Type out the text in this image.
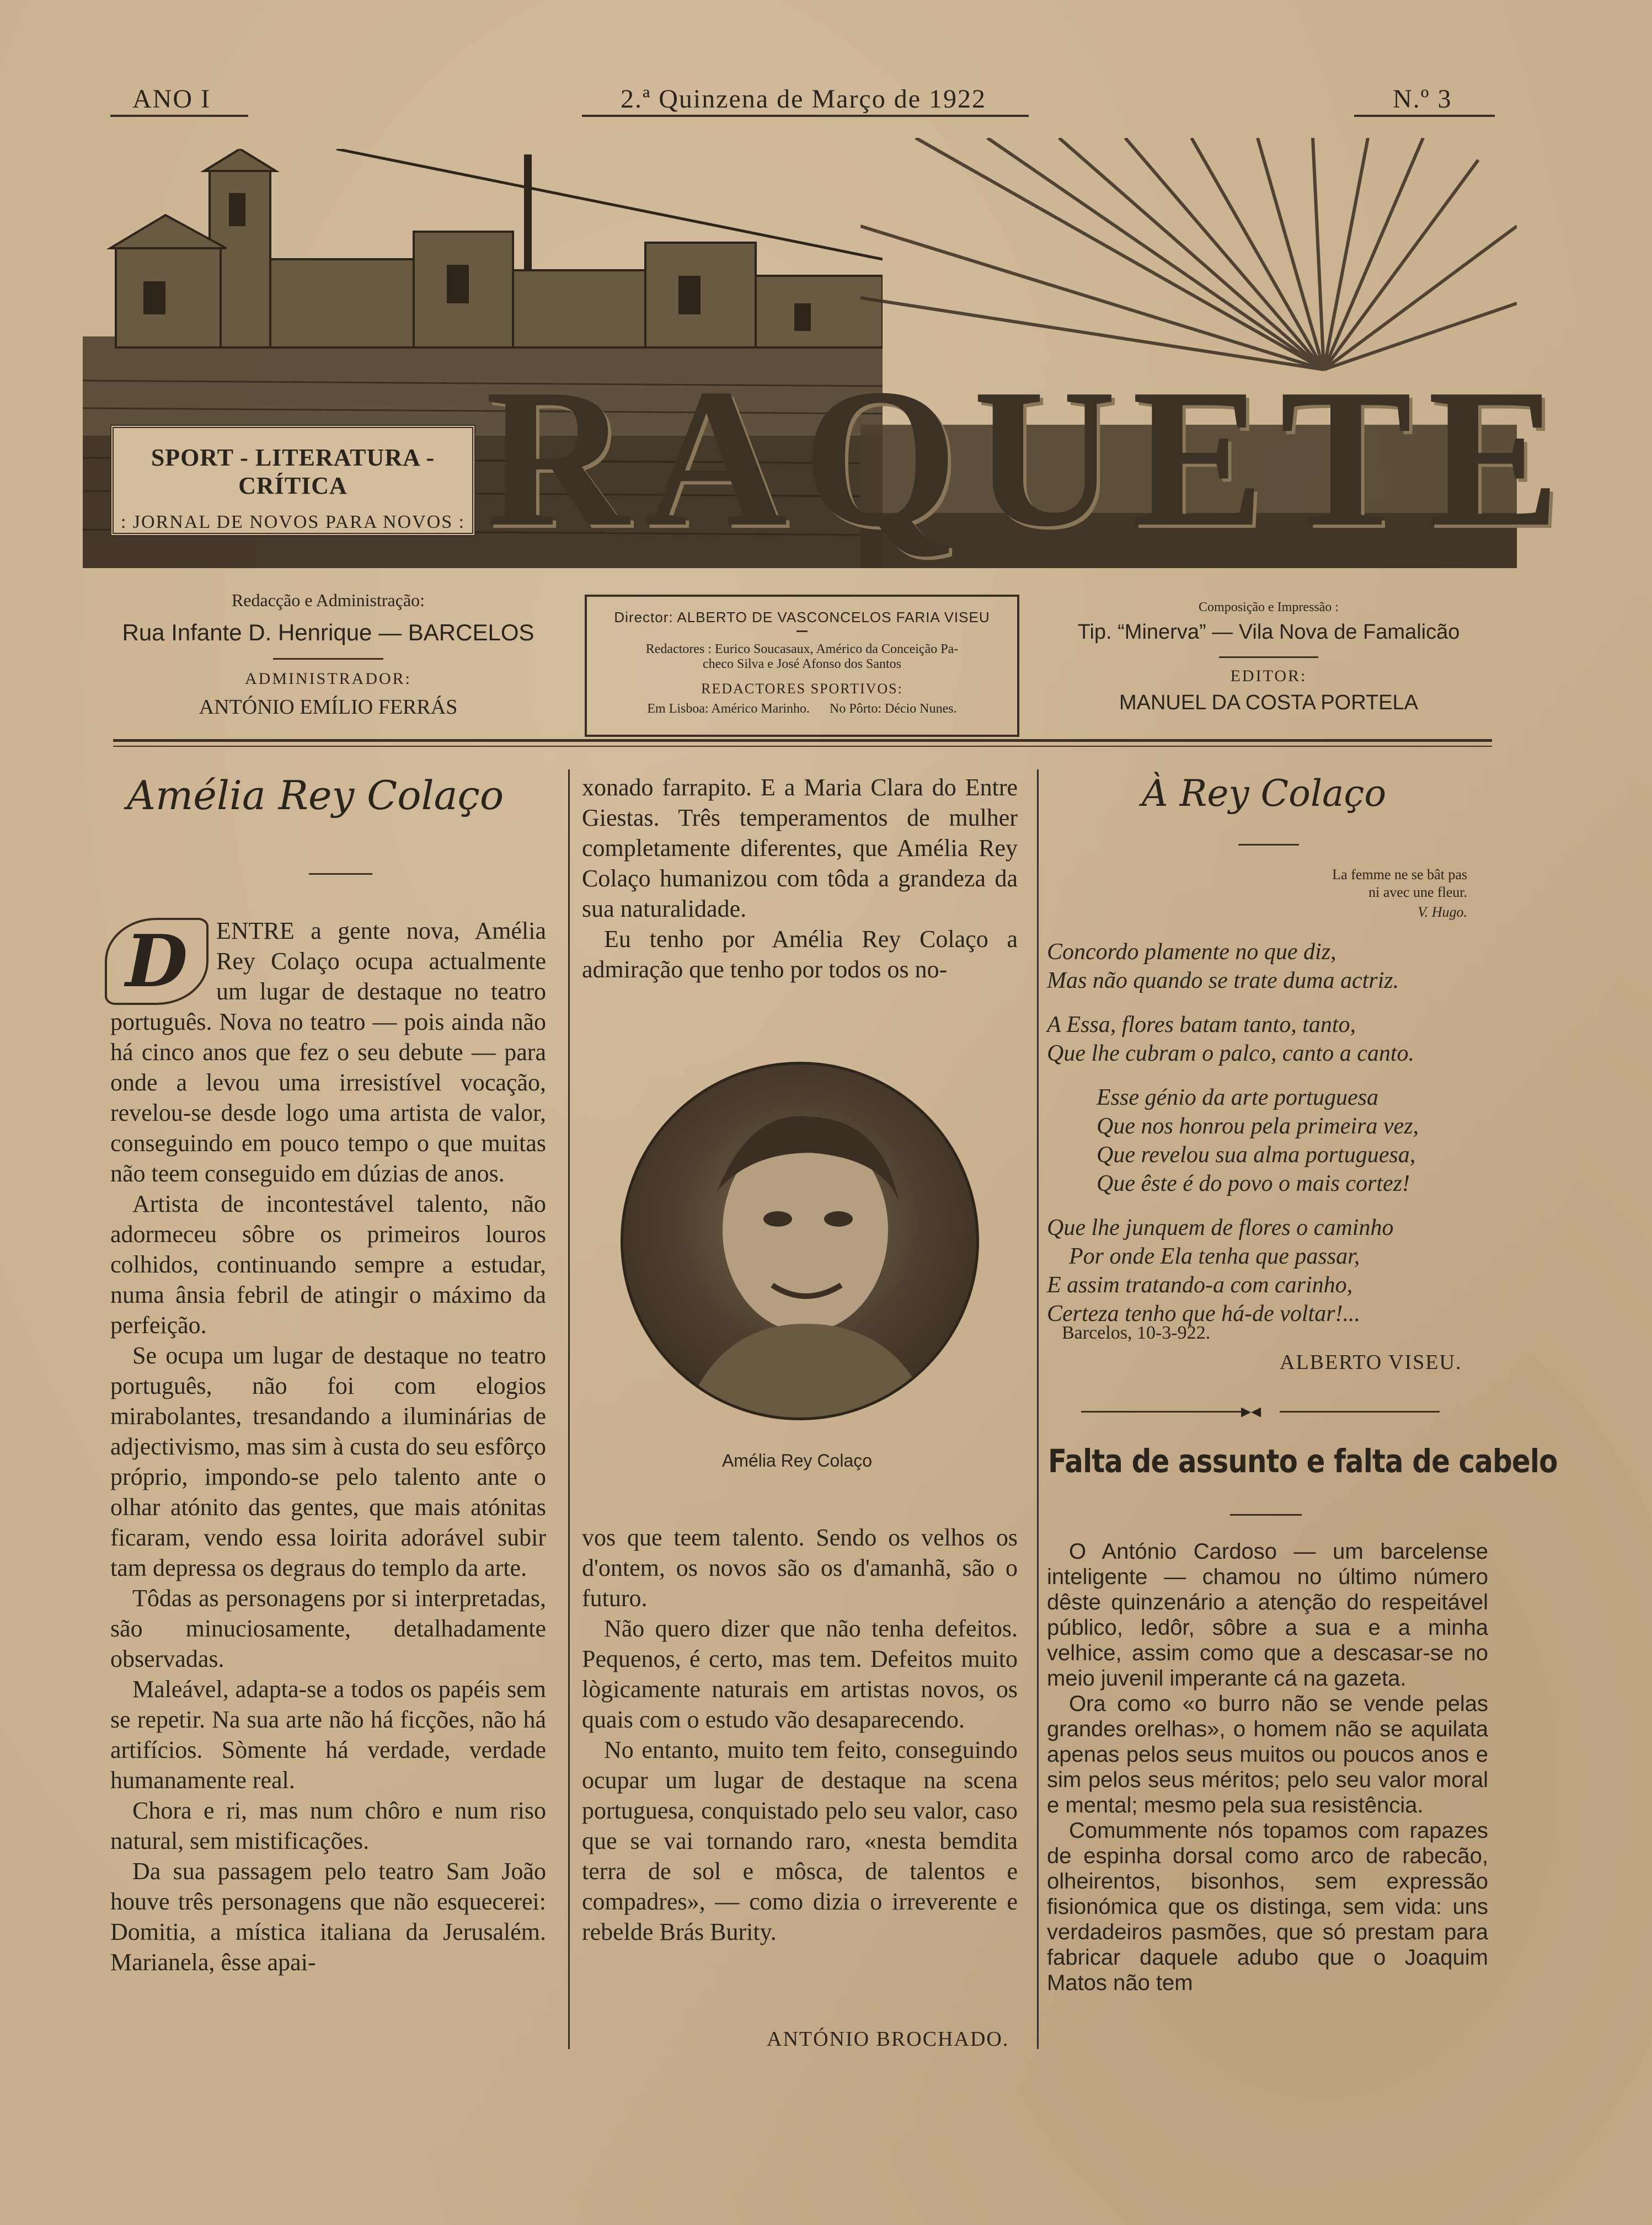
ANO I	2.ª Quinzena de Março de 1922	N.º 3
RAQUETE
SPORT - LITERATURA - CRÍTICA
: JORNAL DE NOVOS PARA NOVOS :
Redacção e Administração:
Rua Infante D. Henrique — BARCELOS
ADMINISTRADOR:
ANTÓNIO EMÍLIO FERRÁS
Director: ALBERTO DE VASCONCELOS FARIA VISEU
Redactores : Eurico Soucasaux, Américo da Conceição Pa-
checo Silva e José Afonso dos Santos
REDACTORES SPORTIVOS:
Em Lisboa: Américo Marinho.      No Pôrto: Décio Nunes.
Composição e Impressão :
Tip. “Minerva” — Vila Nova de Famalicão
EDITOR:
MANUEL DA COSTA PORTELA
Amélia Rey Colaço
D	ENTRE a gente nova, Amélia Rey Colaço ocupa actualmente um lugar de destaque no teatro português. Nova no teatro — pois ainda não há cinco anos que fez o seu debute — para onde a levou uma irresistível vocação, revelou-se desde logo uma artista de valor, conseguindo em pouco tempo o que muitas não teem conseguido em dúzias de anos.

Artista de incontestável talento, não adormeceu sôbre os primeiros louros colhidos, continuando sempre a estudar, numa ânsia febril de atingir o máximo da perfeição.

Se ocupa um lugar de destaque no teatro português, não foi com elogios mirabolantes, tresandando a iluminárias de adjectivismo, mas sim à custa do seu esfôrço próprio, impondo-se pelo talento ante o olhar atónito das gentes, que mais atónitas ficaram, vendo essa loirita adorável subir tam depressa os degraus do templo da arte.

Tôdas as personagens por si interpretadas, são minuciosamente, detalhadamente observadas.

Maleável, adapta-se a todos os papéis sem se repetir. Na sua arte não há ficções, não há artifícios. Sòmente há verdade, verdade humanamente real.

Chora e ri, mas num chôro e num riso natural, sem mistificações.

Da sua passagem pelo teatro Sam João houve três personagens que não esquecerei: Domitia, a mística italiana da Jerusalém. Marianela, êsse apai-

xonado farrapito. E a Maria Clara do Entre Giestas. Três temperamentos de mulher completamente diferentes, que Amélia Rey Colaço humanizou com tôda a grandeza da sua naturalidade.

Eu tenho por Amélia Rey Colaço a admiração que tenho por todos os no-

Amélia Rey Colaço

vos que teem talento. Sendo os velhos os d'ontem, os novos são os d'amanhã, são o futuro.

Não quero dizer que não tenha defeitos. Pequenos, é certo, mas tem. Defeitos muito lògicamente naturais em artistas novos, os quais com o estudo vão desaparecendo.

No entanto, muito tem feito, conseguindo ocupar um lugar de destaque na scena portuguesa, conquistado pelo seu valor, caso que se vai tornando raro, «nesta bemdita terra de sol e môsca, de talentos e compadres», — como dizia o irreverente e rebelde Brás Burity.

ANTÓNIO BROCHADO.
À Rey Colaço
La femme ne se bât pas
ni avec une fleur.
V. Hugo.
Concordo plamente no que diz,
Mas não quando se trate duma actriz.
A Essa, flores batam tanto, tanto,
Que lhe cubram o palco, canto a canto.
Esse génio da arte portuguesa
Que nos honrou pela primeira vez,
Que revelou sua alma portuguesa,
Que êste é do povo o mais cortez!
Que lhe junquem de flores o caminho
Por onde Ela tenha que passar,
E assim tratando-a com carinho,
Certeza tenho que há-de voltar!...
Barcelos, 10-3-922.
ALBERTO VISEU.
▸◂
Falta de assunto e falta de cabelo

O António Cardoso — um barcelense inteligente — chamou no último número dêste quinzenário a atenção do respeitável público, ledôr, sôbre a sua e a minha velhice, assim como que a descasar-se no meio juvenil imperante cá na gazeta.

Ora como «o burro não se vende pelas grandes orelhas», o homem não se aquilata apenas pelos seus muitos ou poucos anos e sim pelos seus méritos; pelo seu valor moral e mental; mesmo pela sua resistência.

Comummente nós topamos com rapazes de espinha dorsal como arco de rabecão, olheirentos, bisonhos, sem expressão fisionómica que os distinga, sem vida: uns verdadeiros pasmões, que só prestam para fabricar daquele adubo que o Joaquim Matos não tem
